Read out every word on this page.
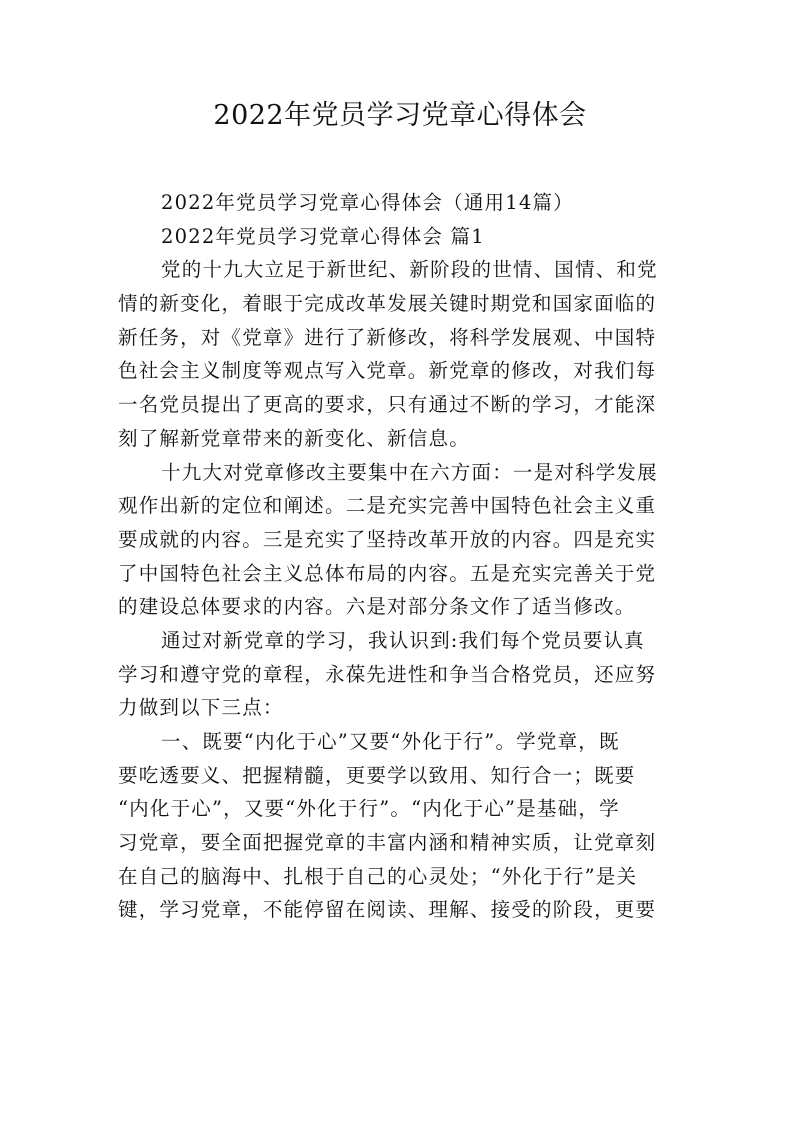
2022年党员学习党章心得体会
2022年党员学习党章心得体会（通用14篇）
2022年党员学习党章心得体会 篇1
党的十九大立足于新世纪、新阶段的世情、国情、和党
情的新变化，着眼于完成改革发展关键时期党和国家面临的
新任务，对《党章》进行了新修改，将科学发展观、中国特
色社会主义制度等观点写入党章。新党章的修改，对我们每
一名党员提出了更高的要求，只有通过不断的学习，才能深
刻了解新党章带来的新变化、新信息。
十九大对党章修改主要集中在六方面：一是对科学发展
观作出新的定位和阐述。二是充实完善中国特色社会主义重
要成就的内容。三是充实了坚持改革开放的内容。四是充实
了中国特色社会主义总体布局的内容。五是充实完善关于党
的建设总体要求的内容。六是对部分条文作了适当修改。
通过对新党章的学习，我认识到:我们每个党员要认真
学习和遵守党的章程，永葆先进性和争当合格党员，还应努
力做到以下三点：
一、既要“内化于心”又要“外化于行”。学党章，既
要吃透要义、把握精髓，更要学以致用、知行合一；既要
“内化于心”，又要“外化于行”。“内化于心”是基础，学
习党章，要全面把握党章的丰富内涵和精神实质，让党章刻
在自己的脑海中、扎根于自己的心灵处；“外化于行”是关
键，学习党章，不能停留在阅读、理解、接受的阶段，更要
